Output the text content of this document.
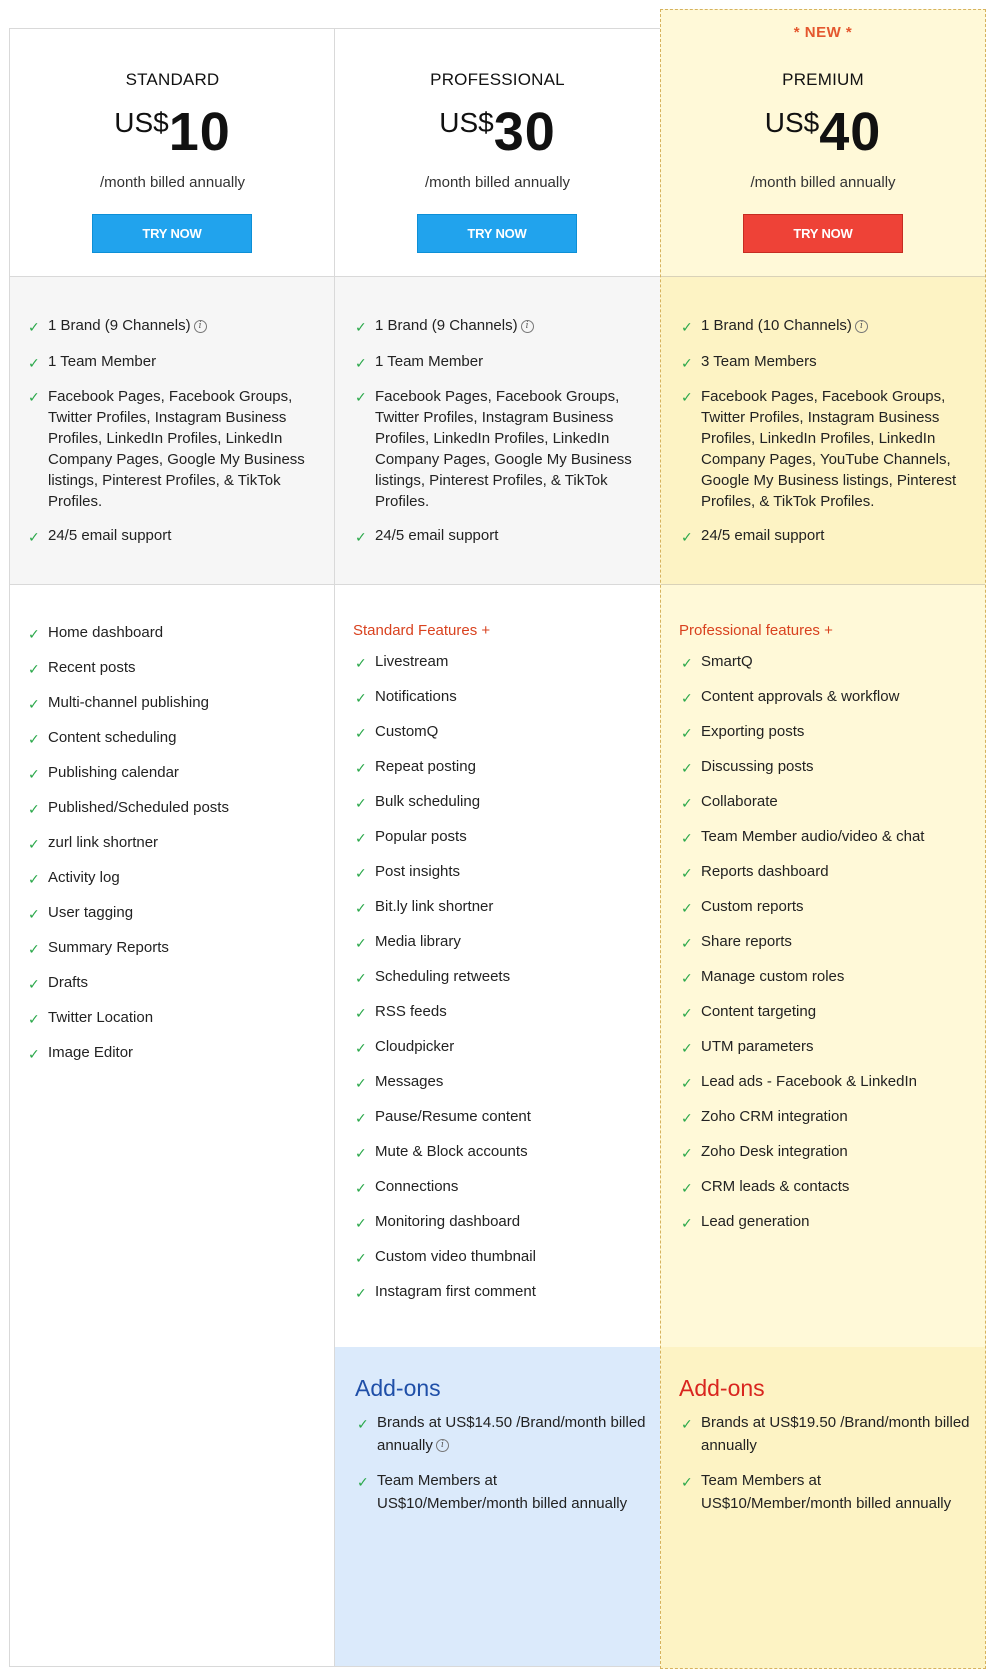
STANDARD
US$10
/month billed annually
TRY NOW
✓ 1 Brand (9 Channels) i
✓ 1 Team Member
✓ Facebook Pages, Facebook Groups, Twitter Profiles, Instagram Business Profiles, LinkedIn Profiles, LinkedIn Company Pages, Google My Business listings, Pinterest Profiles, & TikTok Profiles.
✓ 24/5 email support
✓ Home dashboard
✓ Recent posts
✓ Multi-channel publishing
✓ Content scheduling
✓ Publishing calendar
✓ Published/Scheduled posts
✓ zurl link shortner
✓ Activity log
✓ User tagging
✓ Summary Reports
✓ Drafts
✓ Twitter Location
✓ Image Editor
PROFESSIONAL
US$30
/month billed annually
TRY NOW
✓ 1 Brand (9 Channels) i
✓ 1 Team Member
✓ Facebook Pages, Facebook Groups, Twitter Profiles, Instagram Business Profiles, LinkedIn Profiles, LinkedIn Company Pages, Google My Business listings, Pinterest Profiles, & TikTok Profiles.
✓ 24/5 email support
Standard Features +
✓ Livestream
✓ Notifications
✓ CustomQ
✓ Repeat posting
✓ Bulk scheduling
✓ Popular posts
✓ Post insights
✓ Bit.ly link shortner
✓ Media library
✓ Scheduling retweets
✓ RSS feeds
✓ Cloudpicker
✓ Messages
✓ Pause/Resume content
✓ Mute & Block accounts
✓ Connections
✓ Monitoring dashboard
✓ Custom video thumbnail
✓ Instagram first comment
Add-ons
✓ Brands at US$14.50 /Brand/month billed annually i
✓ Team Members at US$10/Member/month billed annually
* NEW *
PREMIUM
US$40
/month billed annually
TRY NOW
✓ 1 Brand (10 Channels) i
✓ 3 Team Members
✓ Facebook Pages, Facebook Groups, Twitter Profiles, Instagram Business Profiles, LinkedIn Profiles, LinkedIn Company Pages, YouTube Channels, Google My Business listings, Pinterest Profiles, & TikTok Profiles.
✓ 24/5 email support
Professional features +
✓ SmartQ
✓ Content approvals & workflow
✓ Exporting posts
✓ Discussing posts
✓ Collaborate
✓ Team Member audio/video & chat
✓ Reports dashboard
✓ Custom reports
✓ Share reports
✓ Manage custom roles
✓ Content targeting
✓ UTM parameters
✓ Lead ads - Facebook & LinkedIn
✓ Zoho CRM integration
✓ Zoho Desk integration
✓ CRM leads & contacts
✓ Lead generation
Add-ons
✓ Brands at US$19.50 /Brand/month billed annually
✓ Team Members at US$10/Member/month billed annually
